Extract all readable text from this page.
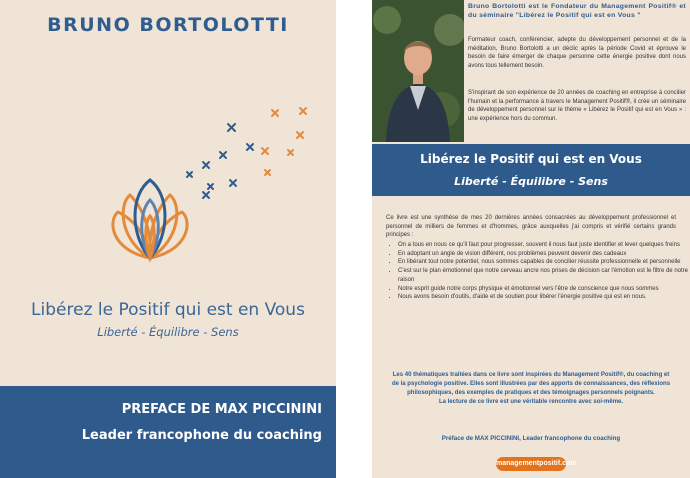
BRUNO BORTOLOTTI
Libérez le Positif qui est en Vous
Liberté - Équilibre - Sens
PREFACE DE MAX PICCININI
Leader francophone du coaching
Bruno Bortolotti est le Fondateur du Management Positif® et du séminaire "Libérez le Positif qui est en Vous "
Formateur coach, conférencier, adepte du développement personnel et de la méditation, Bruno Bortolotti a un déclic après la période Covid et éprouve le besoin de faire émerger de chaque personne cette énergie positive dont nous avons tous tellement besoin.
S'inspirant de son expérience de 20 années de coaching en entreprise à concilier l'humain et la performance à travers le Management Positif®, il crée un séminaire de développement personnel sur le thème « Libérez le Positif qui est en Vous » : une expérience hors du commun.
Libérez le Positif qui est en Vous
Liberté - Équilibre - Sens
Ce livre est une synthèse de mes 20 dernières années consacrées au développement professionnel et personnel de milliers de femmes et d'hommes, grâce auxquelles j'ai compris et vérifié certains grands principes :
• On a tous en nous ce qu'il faut pour progresser, souvent il nous faut juste identifier et lever quelques freins
• En adoptant un angle de vision différent, nos problèmes peuvent devenir des cadeaux
• En libérant tout notre potentiel, nous sommes capables de concilier réussite professionnelle et personnelle
• C'est sur le plan émotionnel que notre cerveau ancre nos prises de décision car l'émotion est le filtre de notre raison
• Notre esprit guide notre corps physique et émotionnel vers l'être de conscience que nous sommes
• Nous avons besoin d'outils, d'aide et de soutien pour libérer l'énergie positive qui est en nous.
Les 40 thématiques traitées dans ce livre sont inspirées du Management Positif®, du coaching et de la psychologie positive. Elles sont illustrées par des apports de connaissances, des réflexions philosophiques, des exemples de pratiques et des témoignages personnels poignants.
La lecture de ce livre est une véritable rencontre avec soi-même.
Préface de MAX PICCININI, Leader francophone du coaching
managementpositif.com
